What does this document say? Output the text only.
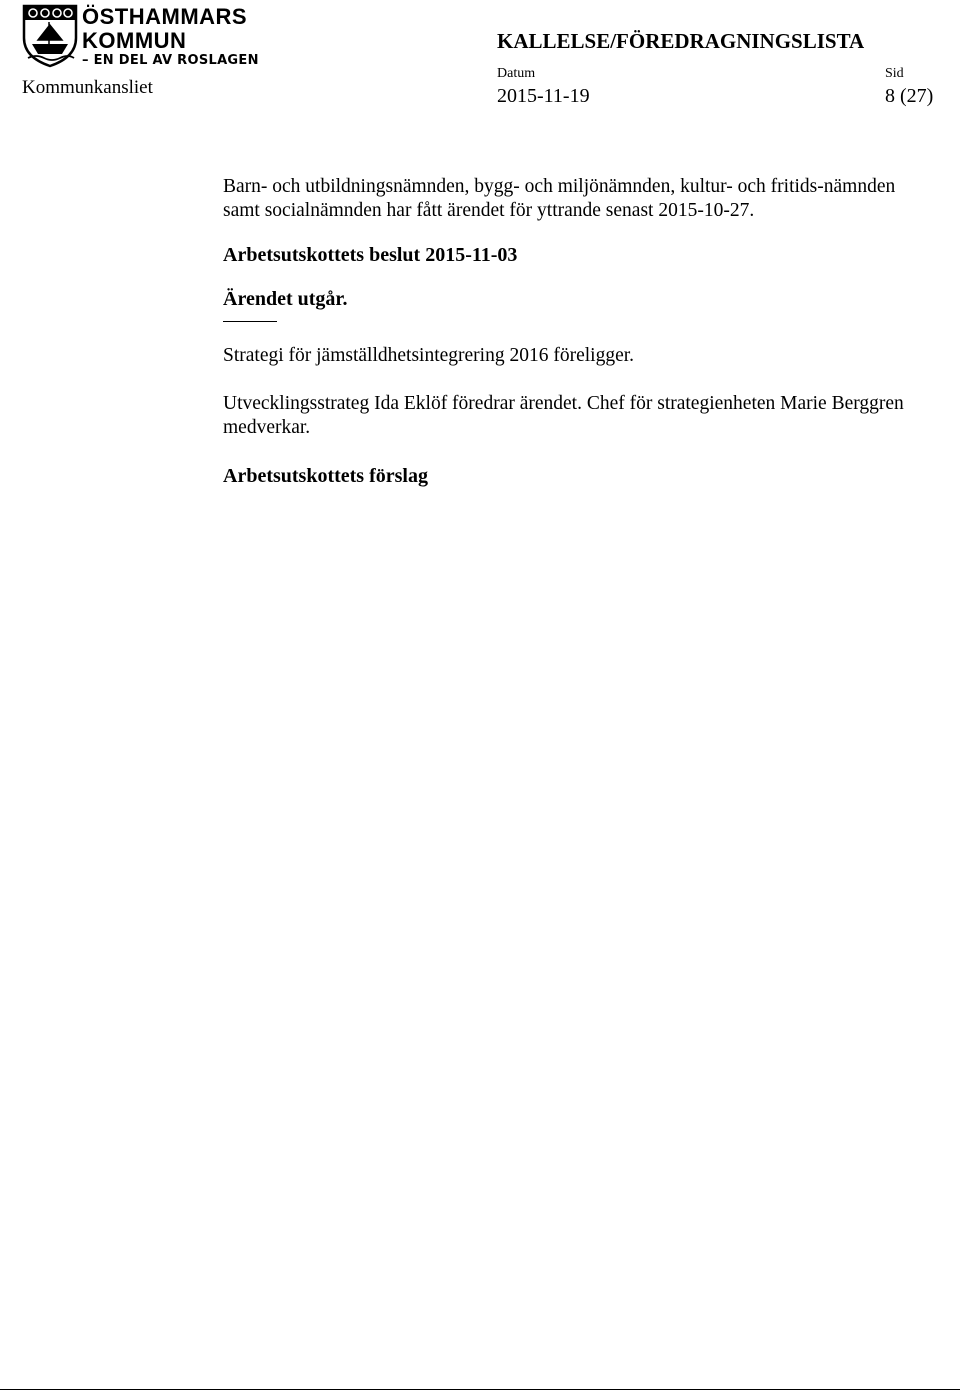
ÖSTHAMMARS
KOMMUN
– EN DEL AV ROSLAGEN
Kommunkansliet
KALLELSE/FÖREDRAGNINGSLISTA
Datum
2015-11-19
Sid
8 (27)

Barn- och utbildningsnämnden, bygg- och miljönämnden, kultur- och fritids-nämnden samt socialnämnden har fått ärendet för yttrande senast 2015-10-27.

Arbetsutskottets beslut 2015-11-03

Ärendet utgår.

Strategi för jämställdhetsintegrering 2016 föreligger.

Utvecklingsstrateg Ida Eklöf föredrar ärendet. Chef för strategienheten Marie Berggren medverkar.

Arbetsutskottets förslag
